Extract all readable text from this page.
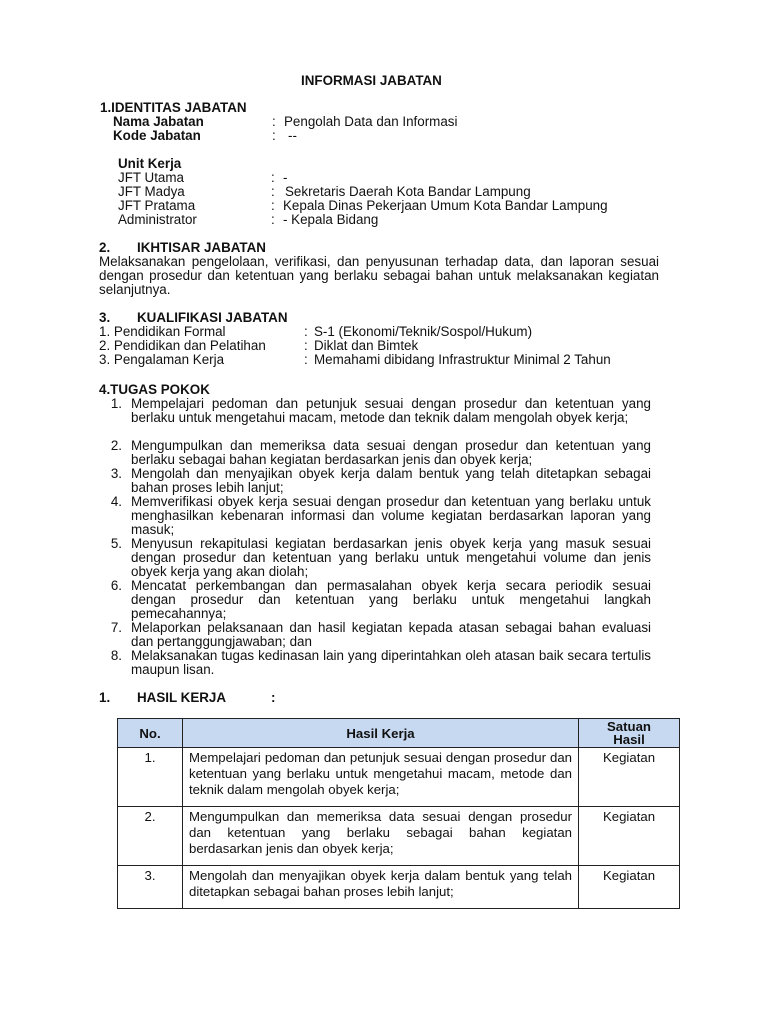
INFORMASI JABATAN
1.IDENTITAS JABATAN
Nama Jabatan	: Pengolah Data dan Informasi
Kode Jabatan	: --
Unit Kerja
JFT Utama	: -
JFT Madya	: Sekretaris Daerah Kota Bandar Lampung
JFT Pratama	: Kepala Dinas Pekerjaan Umum Kota Bandar Lampung
Administrator	: - Kepala Bidang
2. IKHTISAR JABATAN
Melaksanakan pengelolaan, verifikasi, dan penyusunan terhadap data, dan laporan sesuai dengan prosedur dan ketentuan yang berlaku sebagai bahan untuk melaksanakan kegiatan selanjutnya.
3. KUALIFIKASI JABATAN
1. Pendidikan Formal	: S-1 (Ekonomi/Teknik/Sospol/Hukum)
2. Pendidikan dan Pelatihan	: Diklat dan Bimtek
3. Pengalaman Kerja	: Memahami dibidang Infrastruktur Minimal 2 Tahun
4.TUGAS POKOK
1. Mempelajari pedoman dan petunjuk sesuai dengan prosedur dan ketentuan yang berlaku untuk mengetahui macam, metode dan teknik dalam mengolah obyek kerja;
2. Mengumpulkan dan memeriksa data sesuai dengan prosedur dan ketentuan yang berlaku sebagai bahan kegiatan berdasarkan jenis dan obyek kerja;
3. Mengolah dan menyajikan obyek kerja dalam bentuk yang telah ditetapkan sebagai bahan proses lebih lanjut;
4. Memverifikasi obyek kerja sesuai dengan prosedur dan ketentuan yang berlaku untuk menghasilkan kebenaran informasi dan volume kegiatan berdasarkan laporan yang masuk;
5. Menyusun rekapitulasi kegiatan berdasarkan jenis obyek kerja yang masuk sesuai dengan prosedur dan ketentuan yang berlaku untuk mengetahui volume dan jenis obyek kerja yang akan diolah;
6. Mencatat perkembangan dan permasalahan obyek kerja secara periodik sesuai dengan prosedur dan ketentuan yang berlaku untuk mengetahui langkah pemecahannya;
7. Melaporkan pelaksanaan dan hasil kegiatan kepada atasan sebagai bahan evaluasi dan pertanggungjawaban; dan
8. Melaksanakan tugas kedinasan lain yang diperintahkan oleh atasan baik secara tertulis maupun lisan.
1. HASIL KERJA	:
No.	Hasil Kerja	Satuan Hasil
1.	Mempelajari pedoman dan petunjuk sesuai dengan prosedur dan ketentuan yang berlaku untuk mengetahui macam, metode dan teknik dalam mengolah obyek kerja;	Kegiatan
2.	Mengumpulkan dan memeriksa data sesuai dengan prosedur dan ketentuan yang berlaku sebagai bahan kegiatan berdasarkan jenis dan obyek kerja;	Kegiatan
3.	Mengolah dan menyajikan obyek kerja dalam bentuk yang telah ditetapkan sebagai bahan proses lebih lanjut;	Kegiatan
